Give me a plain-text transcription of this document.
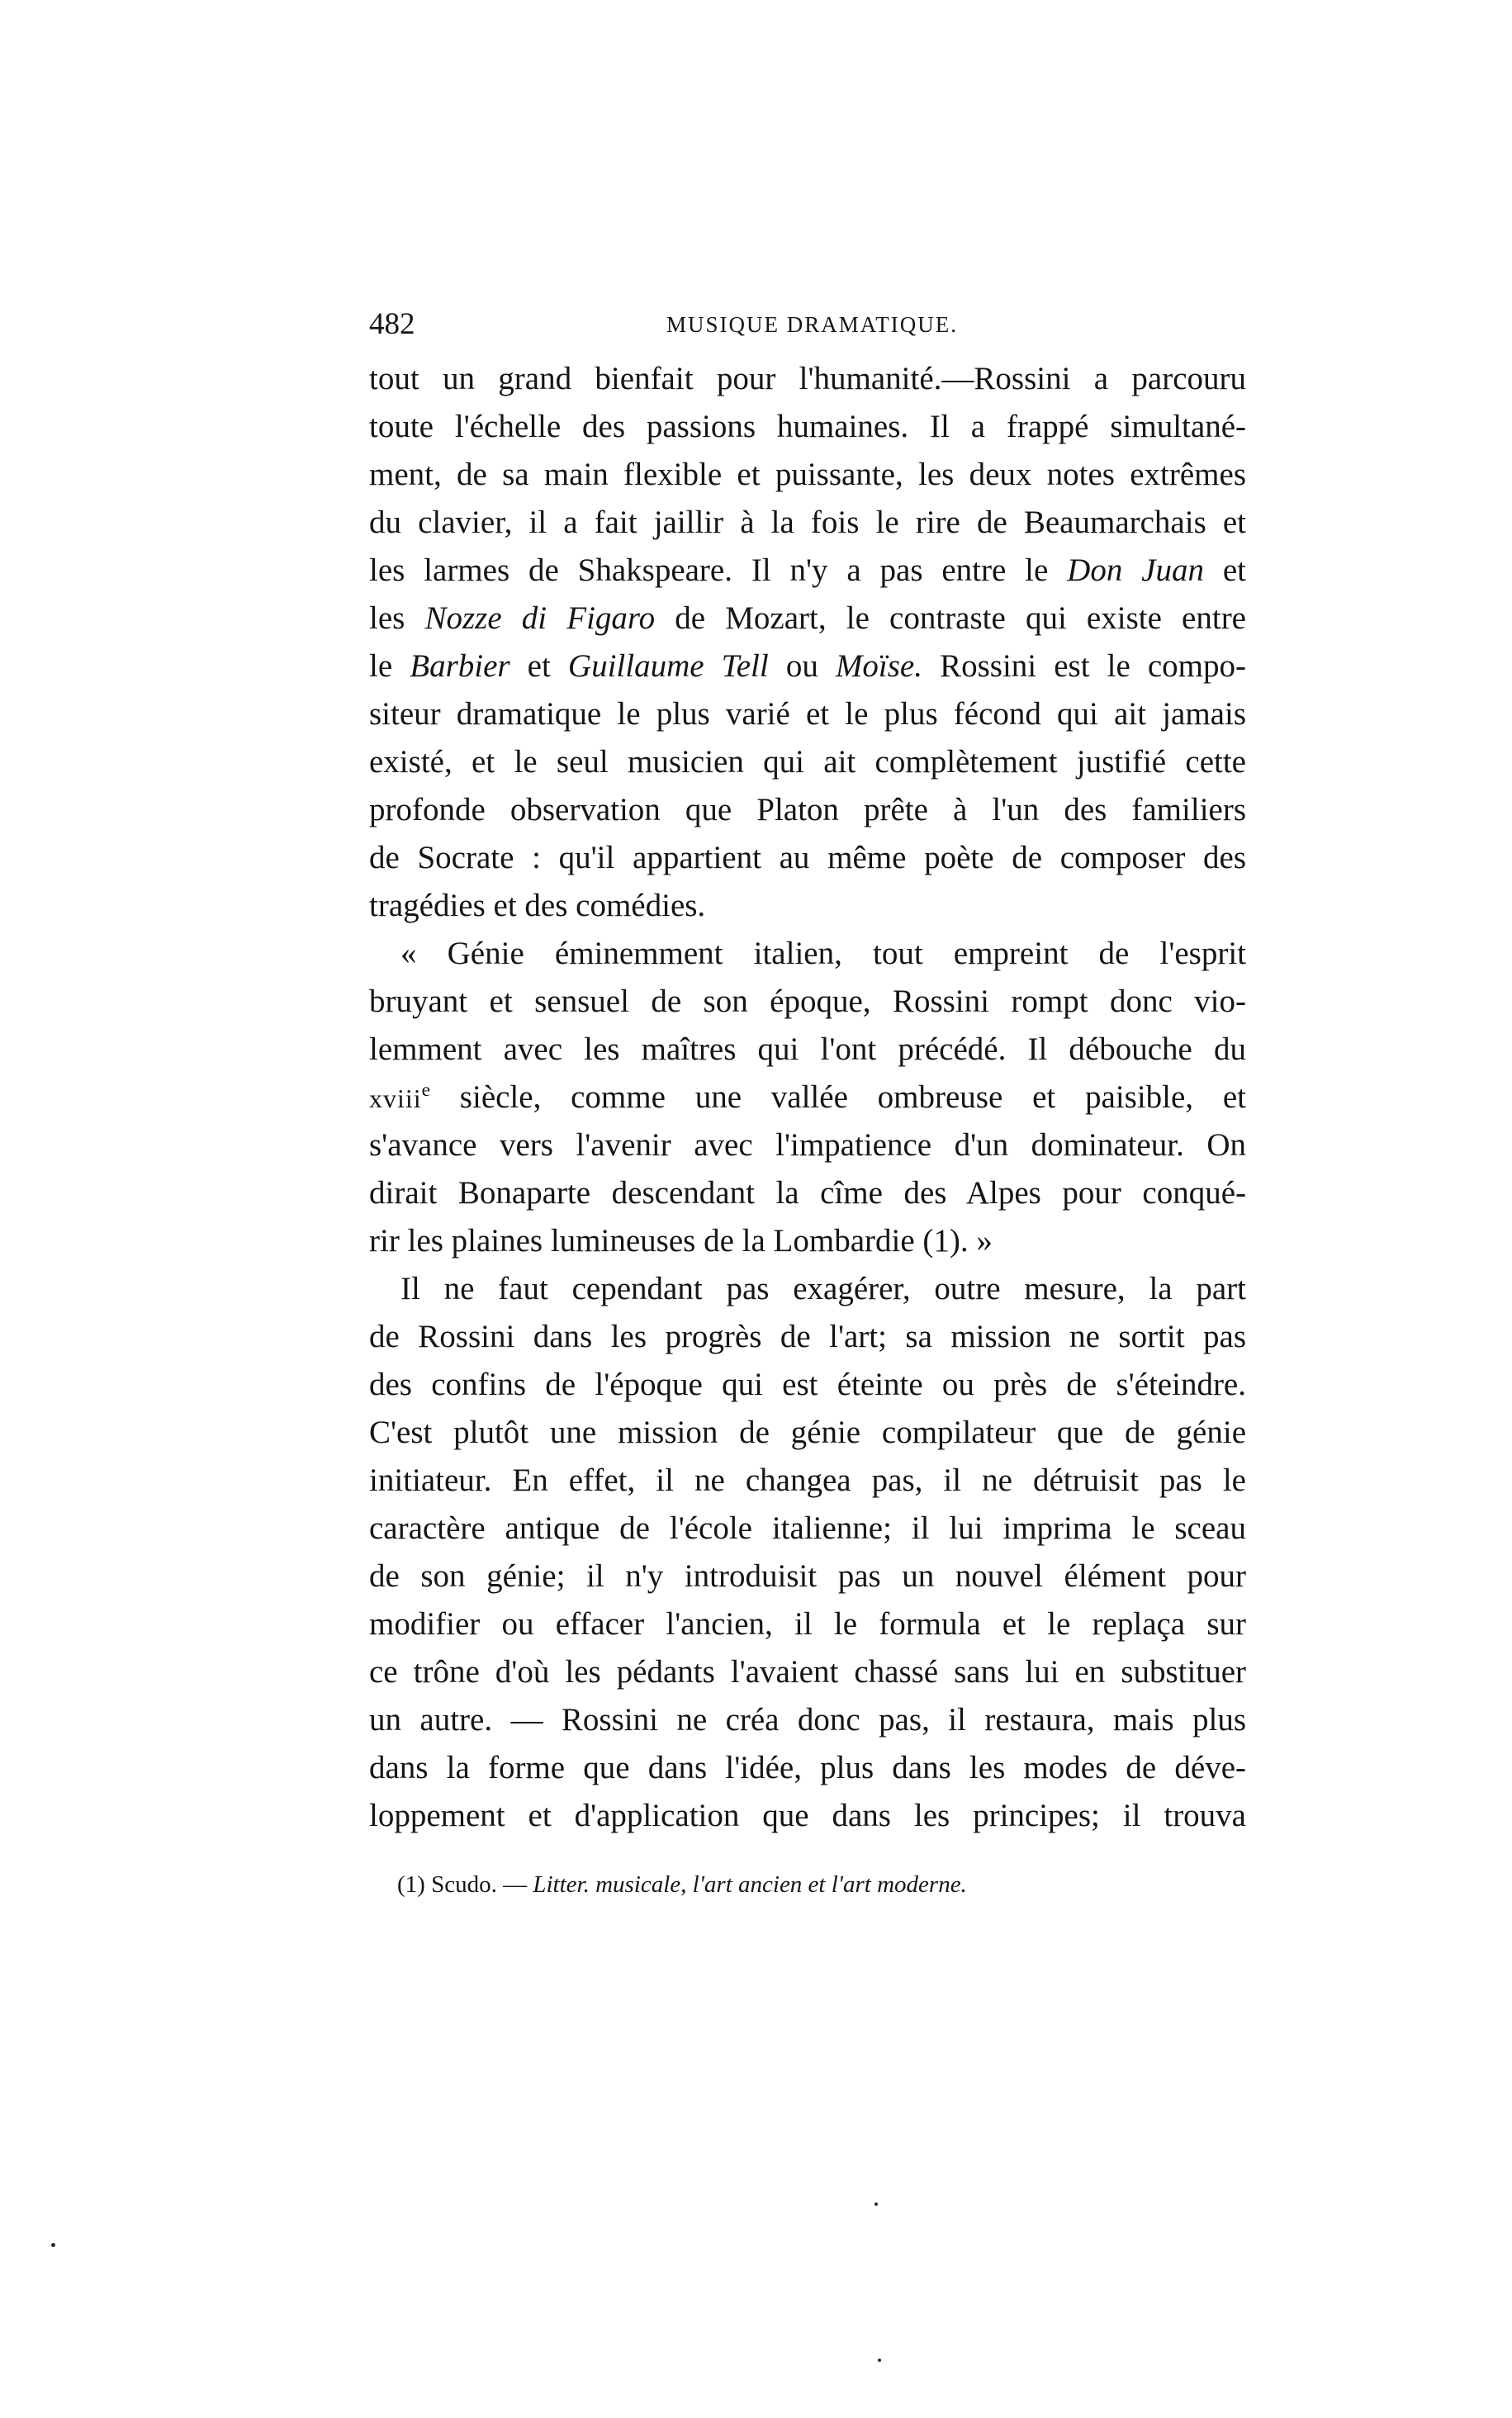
482	MUSIQUE DRAMATIQUE.
tout un grand bienfait pour l'humanité.—Rossini a parcouru
toute l'échelle des passions humaines. Il a frappé simultané-
ment, de sa main flexible et puissante, les deux notes extrêmes
du clavier, il a fait jaillir à la fois le rire de Beaumarchais et
les larmes de Shakspeare. Il n'y a pas entre le Don Juan et
les Nozze di Figaro de Mozart, le contraste qui existe entre
le Barbier et Guillaume Tell ou Moïse. Rossini est le compo-
siteur dramatique le plus varié et le plus fécond qui ait jamais
existé, et le seul musicien qui ait complètement justifié cette
profonde observation que Platon prête à l'un des familiers
de Socrate : qu'il appartient au même poète de composer des
tragédies et des comédies.
« Génie éminemment italien, tout empreint de l'esprit
bruyant et sensuel de son époque, Rossini rompt donc vio-
lemment avec les maîtres qui l'ont précédé. Il débouche du
xviii$^e$ siècle, comme une vallée ombreuse et paisible, et
s'avance vers l'avenir avec l'impatience d'un dominateur. On
dirait Bonaparte descendant la cîme des Alpes pour conqué-
rir les plaines lumineuses de la Lombardie (1). »
Il ne faut cependant pas exagérer, outre mesure, la part
de Rossini dans les progrès de l'art; sa mission ne sortit pas
des confins de l'époque qui est éteinte ou près de s'éteindre.
C'est plutôt une mission de génie compilateur que de génie
initiateur. En effet, il ne changea pas, il ne détruisit pas le
caractère antique de l'école italienne; il lui imprima le sceau
de son génie; il n'y introduisit pas un nouvel élément pour
modifier ou effacer l'ancien, il le formula et le replaça sur
ce trône d'où les pédants l'avaient chassé sans lui en substituer
un autre. — Rossini ne créa donc pas, il restaura, mais plus
dans la forme que dans l'idée, plus dans les modes de déve-
loppement et d'application que dans les principes; il trouva
(1) Scudo. — Litter. musicale, l'art ancien et l'art moderne.
